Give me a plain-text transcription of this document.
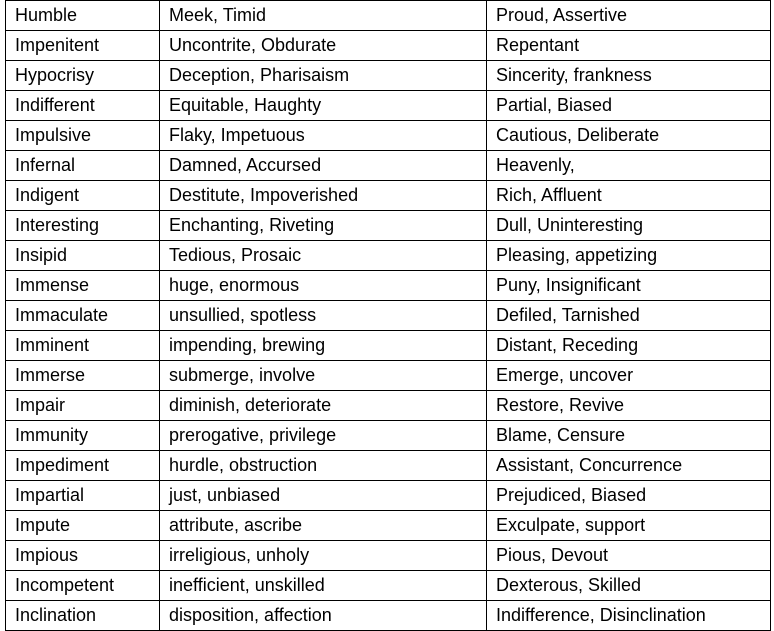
Humble	Meek, Timid	Proud, Assertive
Impenitent	Uncontrite, Obdurate	Repentant
Hypocrisy	Deception, Pharisaism	Sincerity, frankness
Indifferent	Equitable, Haughty	Partial, Biased
Impulsive	Flaky, Impetuous	Cautious, Deliberate
Infernal	Damned, Accursed	Heavenly,
Indigent	Destitute, Impoverished	Rich, Affluent
Interesting	Enchanting, Riveting	Dull, Uninteresting
Insipid	Tedious, Prosaic	Pleasing, appetizing
Immense	huge, enormous	Puny, Insignificant
Immaculate	unsullied, spotless	Defiled, Tarnished
Imminent	impending, brewing	Distant, Receding
Immerse	submerge, involve	Emerge, uncover
Impair	diminish, deteriorate	Restore, Revive
Immunity	prerogative, privilege	Blame, Censure
Impediment	hurdle, obstruction	Assistant, Concurrence
Impartial	just, unbiased	Prejudiced, Biased
Impute	attribute, ascribe	Exculpate, support
Impious	irreligious, unholy	Pious, Devout
Incompetent	inefficient, unskilled	Dexterous, Skilled
Inclination	disposition, affection	Indifference, Disinclination
